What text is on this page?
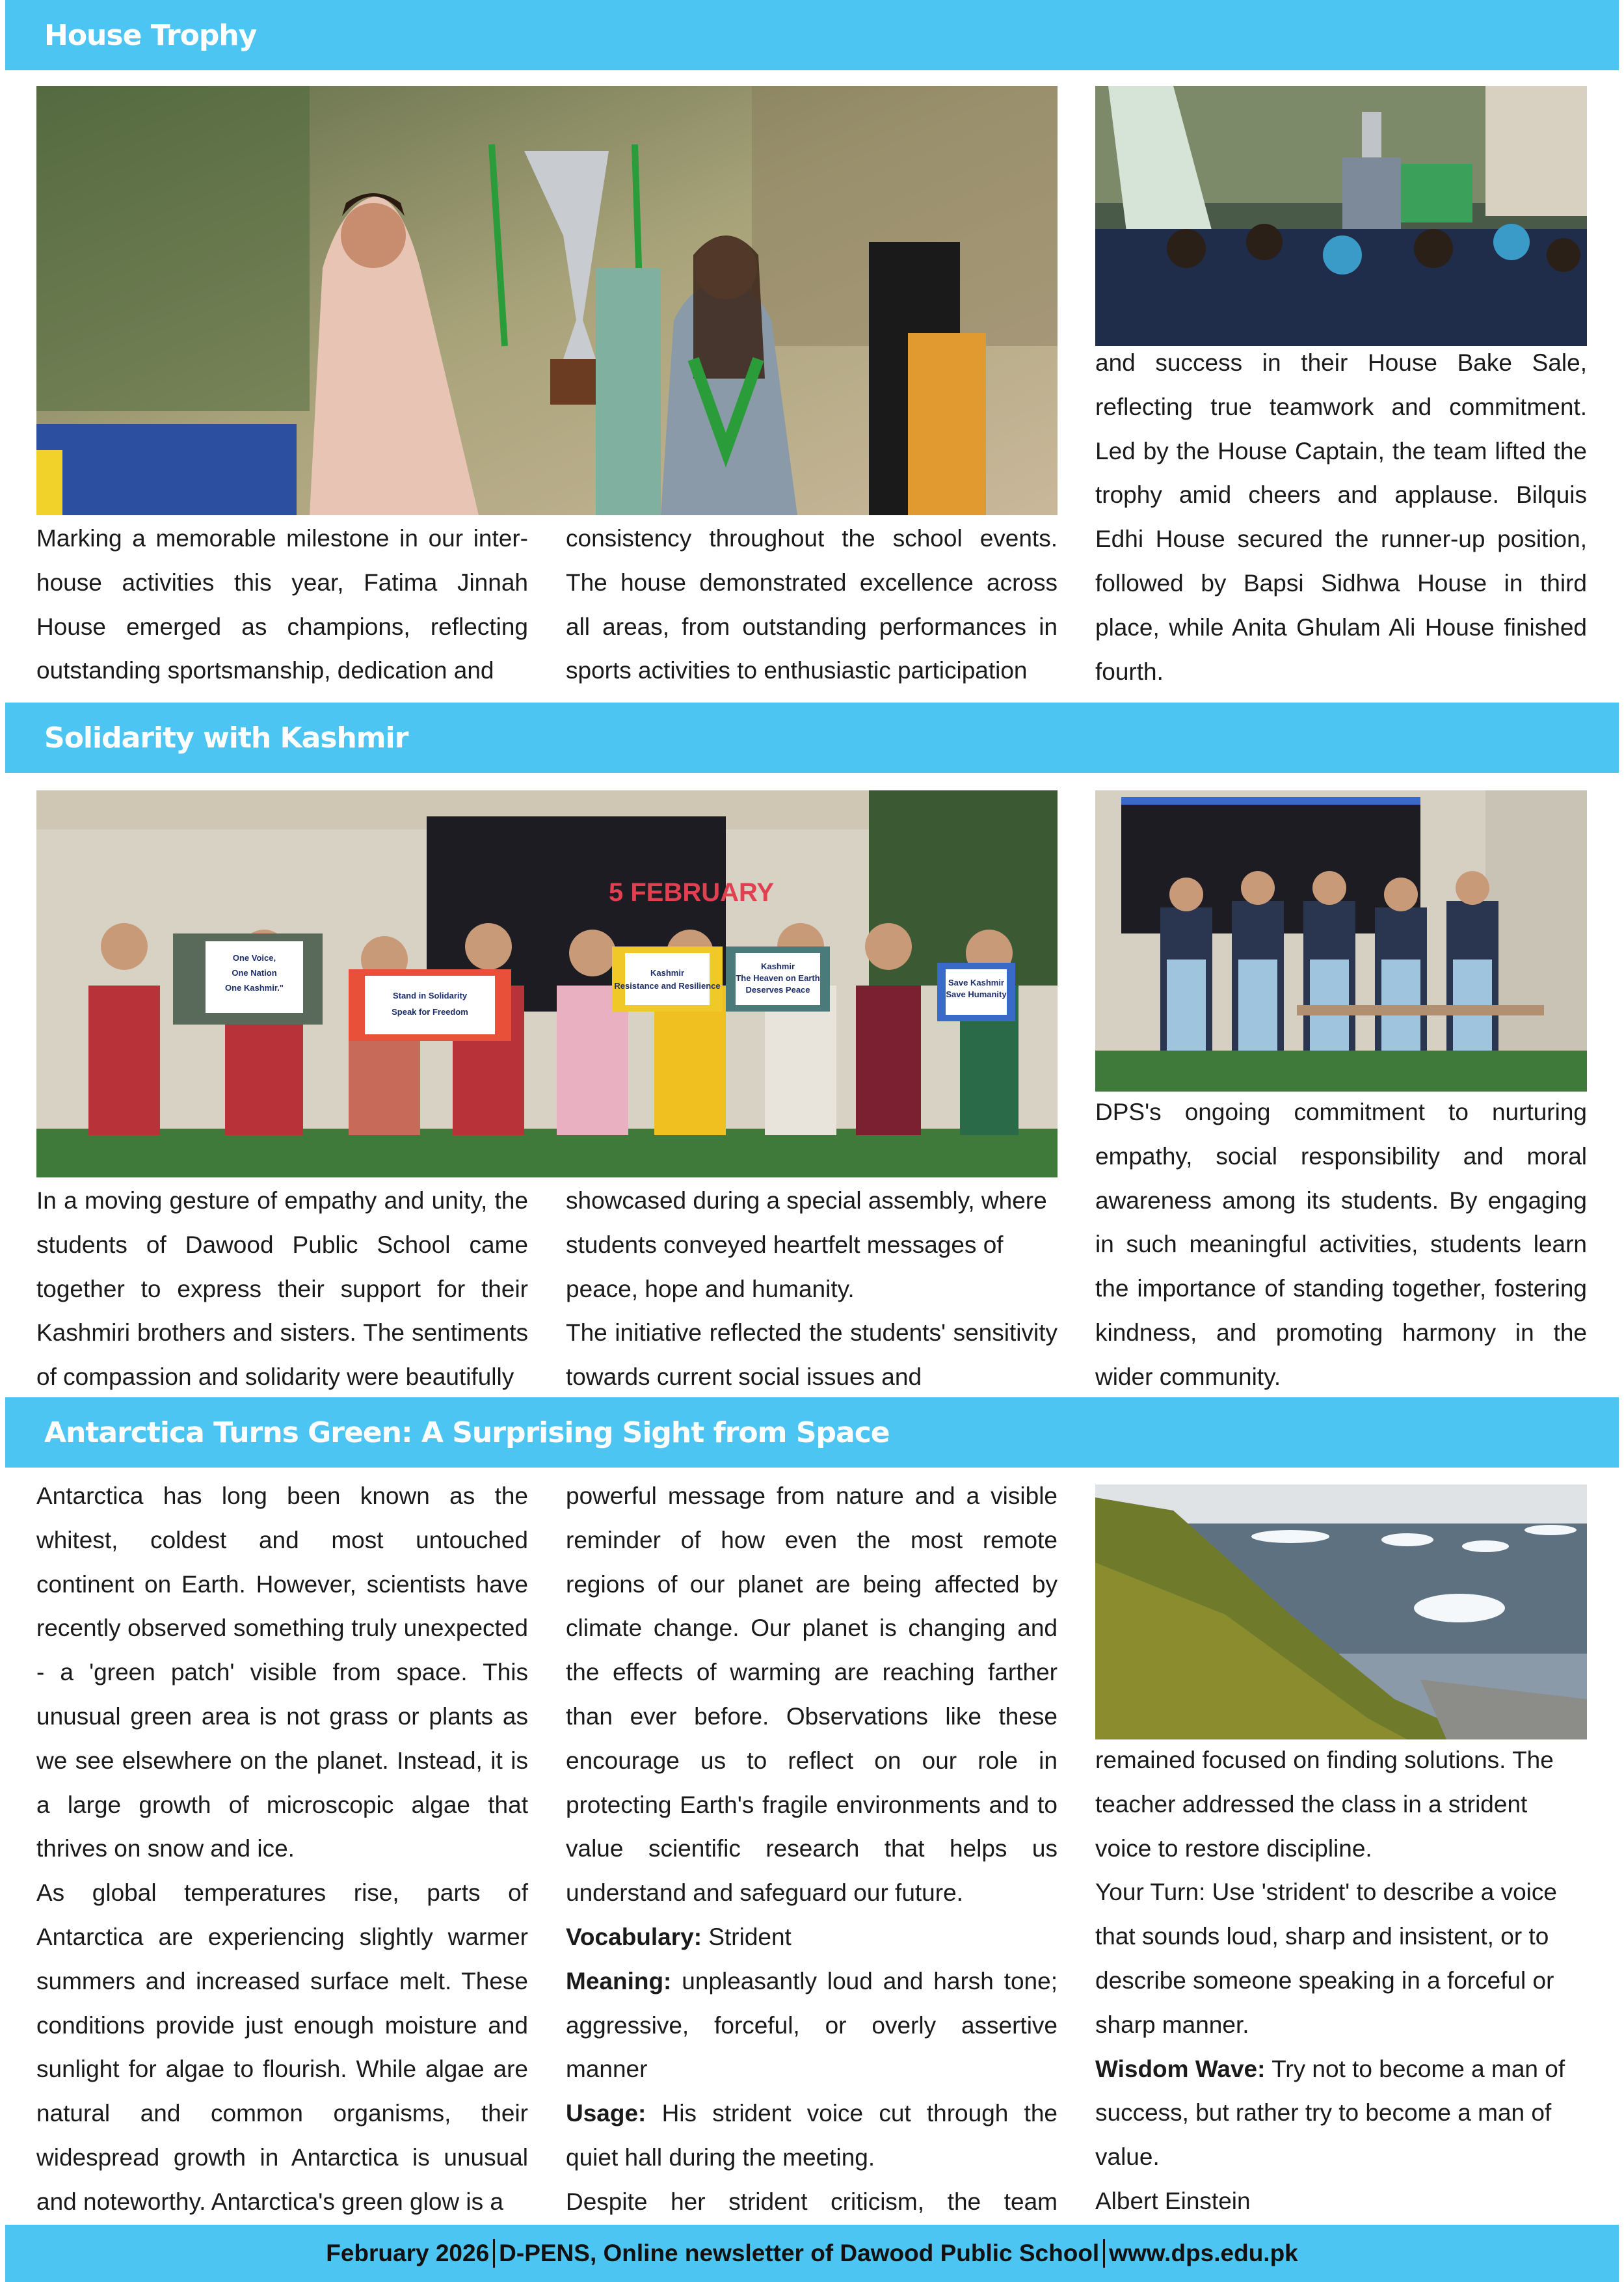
House Trophy

Marking a memorable milestone in our inter-house activities this year, Fatima Jinnah House emerged as champions, reflecting outstanding sportsmanship, dedication and

consistency throughout the school events. The house demonstrated excellence across all areas, from outstanding performances in sports activities to enthusiastic participation

and success in their House Bake Sale, reflecting true teamwork and commitment. Led by the House Captain, the team lifted the trophy amid cheers and applause. Bilquis Edhi House secured the runner-up position, followed by Bapsi Sidhwa House in third place, while Anita Ghulam Ali House finished fourth.

Solidarity with Kashmir
5 FEBRUARY
One Voice,
One Nation
One Kashmir."
Stand in Solidarity
Speak for Freedom
Kashmir
Resistance and Resilience
Kashmir
The Heaven on Earth
Deserves Peace
Save Kashmir
Save Humanity

In a moving gesture of empathy and unity, the students of Dawood Public School came together to express their support for their Kashmiri brothers and sisters. The sentiments of compassion and solidarity were beautifully

showcased during a special assembly, where students conveyed heartfelt messages of peace, hope and humanity.

The initiative reflected the students' sensitivity towards current social issues and

DPS's ongoing commitment to nurturing empathy, social responsibility and moral awareness among its students. By engaging in such meaningful activities, students learn the importance of standing together, fostering kindness, and promoting harmony in the wider community.

Antarctica Turns Green: A Surprising Sight from Space

Antarctica has long been known as the whitest, coldest and most untouched continent on Earth. However, scientists have recently observed something truly unexpected - a 'green patch' visible from space. This unusual green area is not grass or plants as we see elsewhere on the planet. Instead, it is a large growth of microscopic algae that thrives on snow and ice.

As global temperatures rise, parts of Antarctica are experiencing slightly warmer summers and increased surface melt. These conditions provide just enough moisture and sunlight for algae to flourish. While algae are natural and common organisms, their widespread growth in Antarctica is unusual and noteworthy. Antarctica's green glow is a

powerful message from nature and a visible reminder of how even the most remote regions of our planet are being affected by climate change. Our planet is changing and the effects of warming are reaching farther than ever before. Observations like these encourage us to reflect on our role in protecting Earth's fragile environments and to value scientific research that helps us understand and safeguard our future.

Vocabulary: Strident

Meaning: unpleasantly loud and harsh tone; aggressive, forceful, or overly assertive manner

Usage: His strident voice cut through the quiet hall during the meeting.

Despite her strident criticism, the team

remained focused on finding solutions. The teacher addressed the class in a strident voice to restore discipline.

Your Turn: Use 'strident' to describe a voice that sounds loud, sharp and insistent, or to describe someone speaking in a forceful or sharp manner.

Wisdom Wave: Try not to become a man of success, but rather try to become a man of value.

Albert Einstein

February 2026 D-PENS, Online newsletter of Dawood Public School www.dps.edu.pk
